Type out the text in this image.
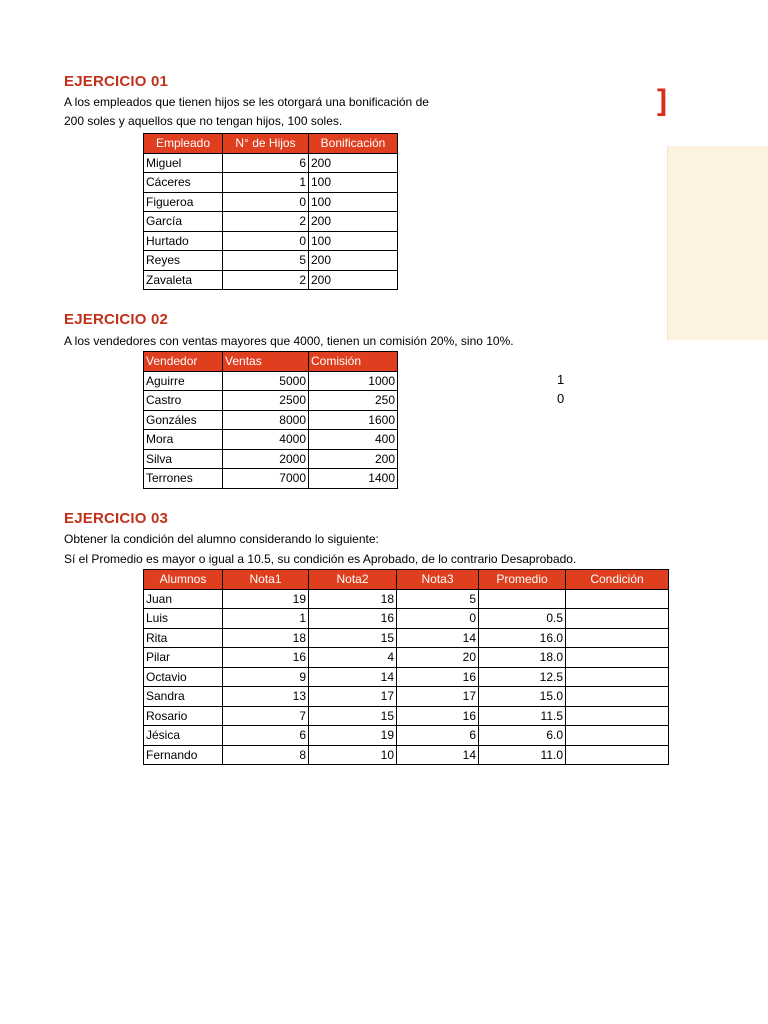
]
EJERCICIO 01
A los empleados que tienen hijos se les otorgará una bonificación de
200 soles y aquellos que no tengan hijos, 100 soles.
Empleado	N° de Hijos	Bonificación
Miguel	6	200
Cáceres	1	100
Figueroa	0	100
García	2	200
Hurtado	0	100
Reyes	5	200
Zavaleta	2	200
EJERCICIO 02
A los vendedores con ventas mayores que 4000, tienen un comisión 20%, sino 10%.
Vendedor	Ventas	Comisión
Aguirre	5000	1000
Castro	2500	250
Gonzáles	8000	1600
Mora	4000	400
Silva	2000	200
Terrones	7000	1400
1
0
EJERCICIO 03
Obtener la condición del alumno considerando lo siguiente:
Sí el Promedio es mayor o igual a 10.5, su condición es Aprobado, de lo contrario Desaprobado.
Alumnos	Nota1	Nota2	Nota3	Promedio	Condición
Juan	19	18	5		
Luis	1	16	0	0.5	
Rita	18	15	14	16.0	
Pilar	16	4	20	18.0	
Octavio	9	14	16	12.5	
Sandra	13	17	17	15.0	
Rosario	7	15	16	11.5	
Jésica	6	19	6	6.0	
Fernando	8	10	14	11.0	
